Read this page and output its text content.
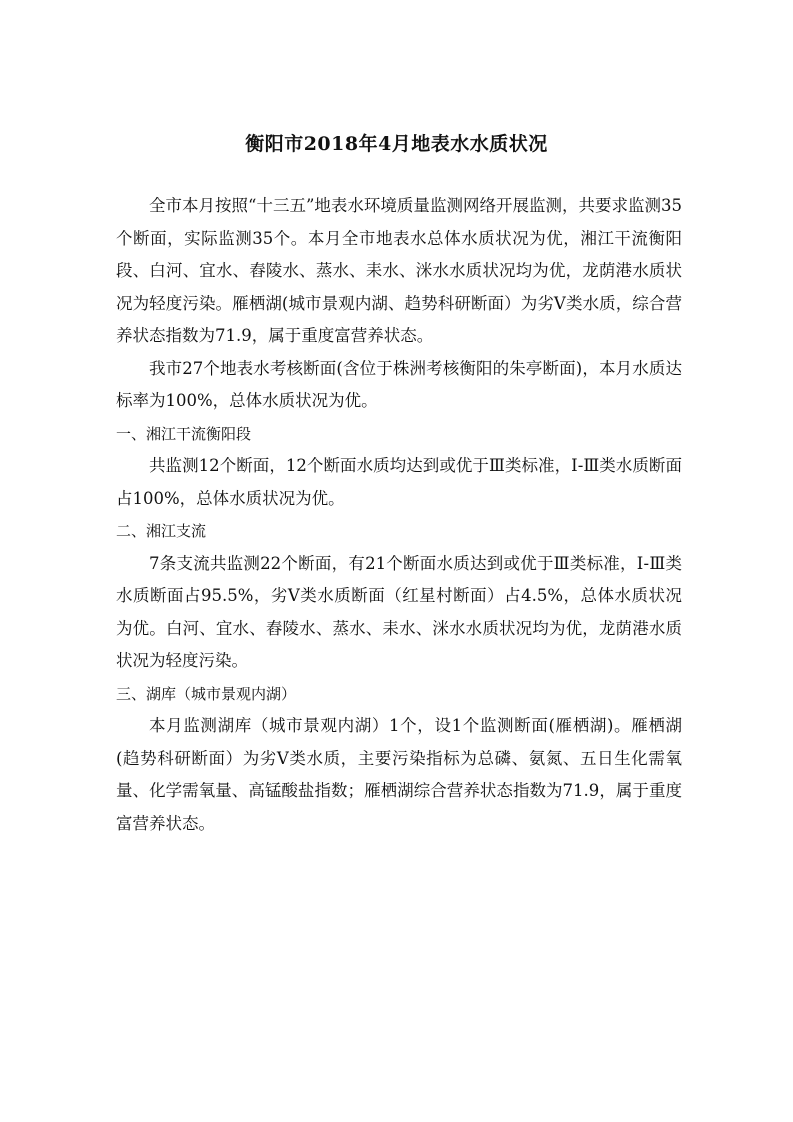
衡阳市2018年4月地表水水质状况

全市本月按照“十三五”地表水环境质量监测网络开展监测，共要求监测35个断面，实际监测35个。本月全市地表水总体水质状况为优，湘江干流衡阳段、白河、宜水、舂陵水、蒸水、耒水、洣水水质状况均为优，龙荫港水质状况为轻度污染。雁栖湖(城市景观内湖、趋势科研断面）为劣Ⅴ类水质，综合营养状态指数为71.9，属于重度富营养状态。

我市27个地表水考核断面(含位于株洲考核衡阳的朱亭断面)，本月水质达标率为100%，总体水质状况为优。

一、湘江干流衡阳段

共监测12个断面，12个断面水质均达到或优于Ⅲ类标准，Ⅰ-Ⅲ类水质断面占100%，总体水质状况为优。

二、湘江支流

7条支流共监测22个断面，有21个断面水质达到或优于Ⅲ类标准，Ⅰ-Ⅲ类水质断面占95.5%，劣Ⅴ类水质断面（红星村断面）占4.5%，总体水质状况为优。白河、宜水、舂陵水、蒸水、耒水、洣水水质状况均为优，龙荫港水质状况为轻度污染。

三、湖库（城市景观内湖）

本月监测湖库（城市景观内湖）1个，设1个监测断面(雁栖湖)。雁栖湖(趋势科研断面）为劣Ⅴ类水质，主要污染指标为总磷、氨氮、五日生化需氧量、化学需氧量、高锰酸盐指数；雁栖湖综合营养状态指数为71.9，属于重度富营养状态。
